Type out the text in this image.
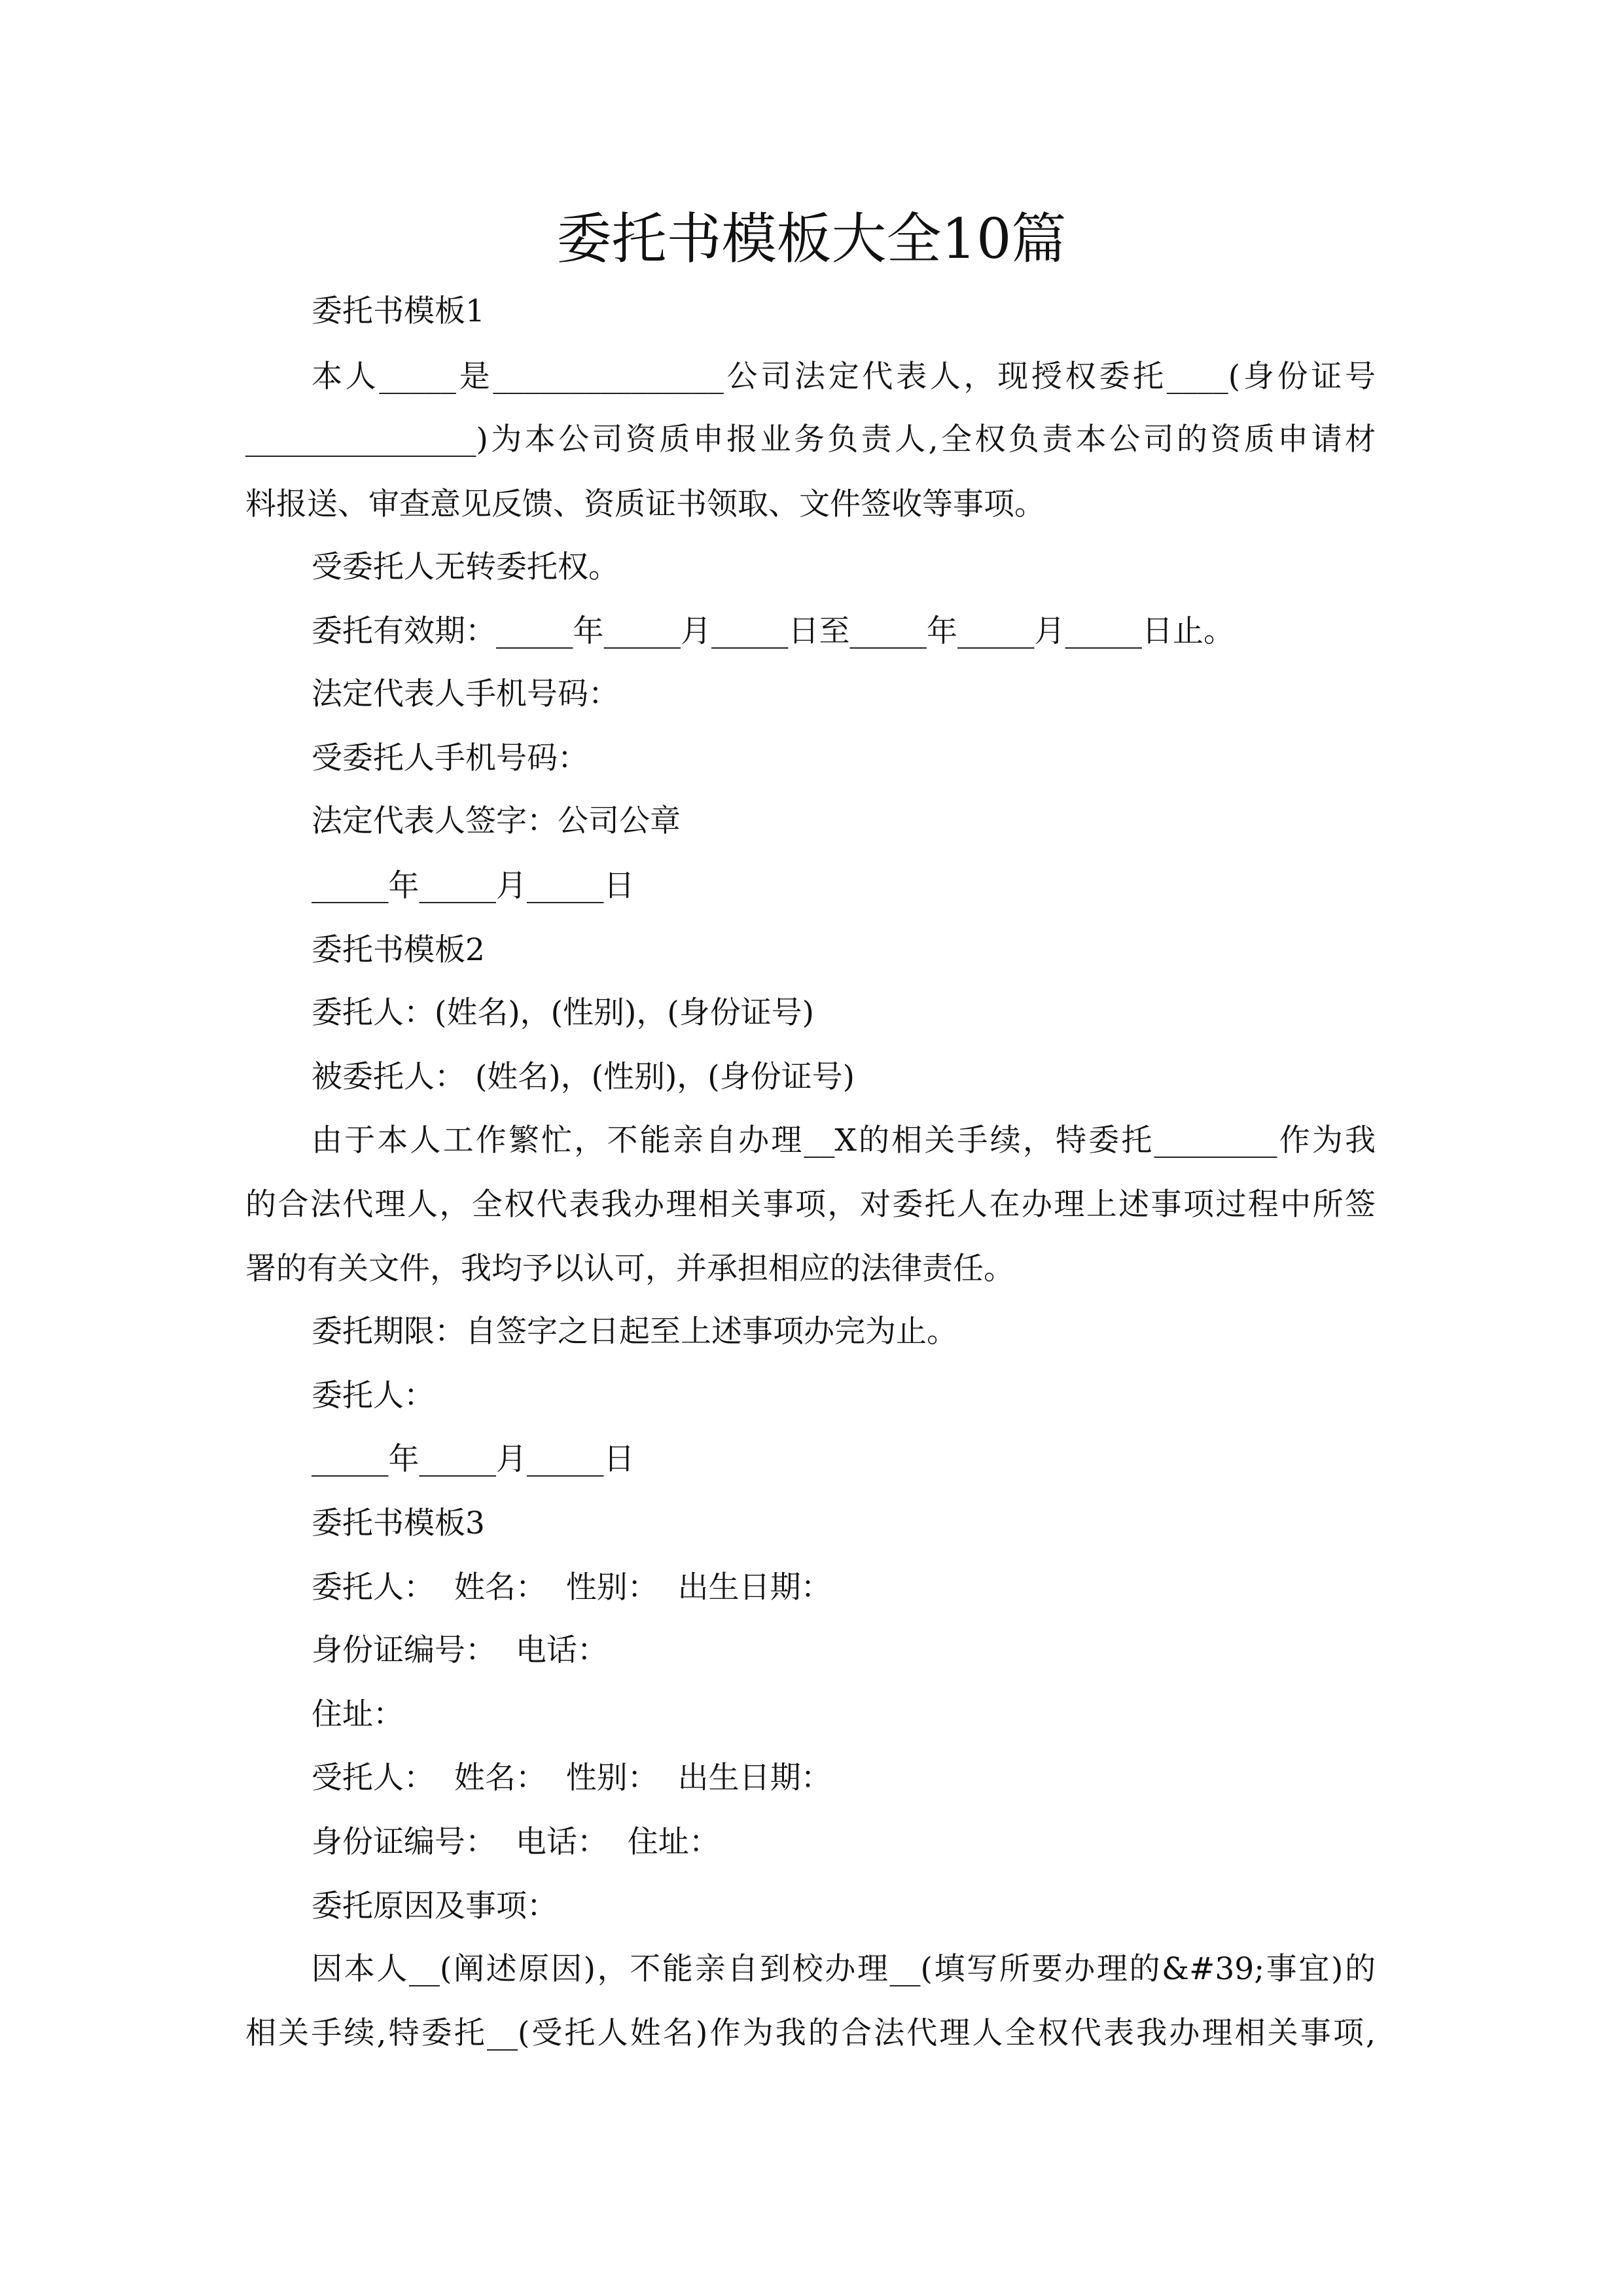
委托书模板大全10篇
委托书模板1
本人_____是_______________公司法定代表人，现授权委托____(身份证号
_______________)为本公司资质申报业务负责人,全权负责本公司的资质申请材
料报送、审查意见反馈、资质证书领取、文件签收等事项。
受委托人无转委托权。
委托有效期：_____年_____月_____日至_____年_____月_____日止。
法定代表人手机号码：
受委托人手机号码：
法定代表人签字：公司公章
_____年_____月_____日
委托书模板2
委托人：(姓名)，(性别)，(身份证号)
被委托人： (姓名)，(性别)，(身份证号)
由于本人工作繁忙，不能亲自办理__X的相关手续，特委托________作为我
的合法代理人，全权代表我办理相关事项，对委托人在办理上述事项过程中所签
署的有关文件，我均予以认可，并承担相应的法律责任。
委托期限：自签字之日起至上述事项办完为止。
委托人：
_____年_____月_____日
委托书模板3
委托人：  姓名：  性别：  出生日期：
身份证编号：  电话：
住址：
受托人：  姓名：  性别：  出生日期：
身份证编号：  电话：  住址：
委托原因及事项：
因本人__(阐述原因)，不能亲自到校办理__(填写所要办理的&#39;事宜)的
相关手续,特委托__(受托人姓名)作为我的合法代理人全权代表我办理相关事项,
